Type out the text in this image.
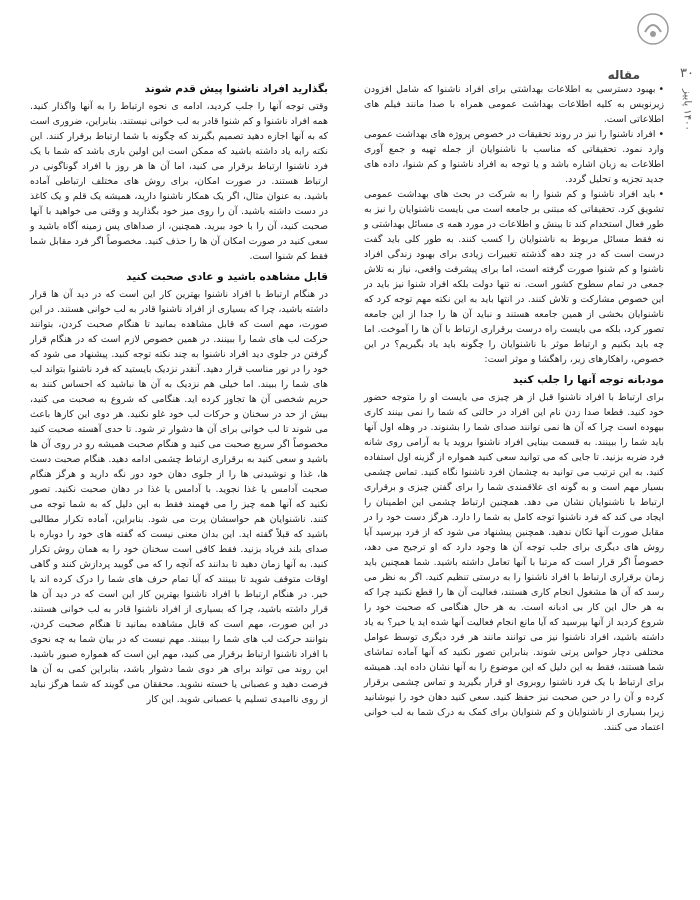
۳۰
۱۴۰۰ پاییز
مقاله

• بهبود دسترسی به اطلاعات بهداشتی برای افراد ناشنوا که شامل افزودن زیرنویس به کلیه اطلاعات بهداشت عمومی همراه با صدا مانند فیلم های اطلاعاتی است.

• افراد ناشنوا را نیز در روند تحقیقات در خصوص پروژه های بهداشت عمومی وارد نمود. تحقیقاتی که مناسب با ناشنوایان از جمله تهیه و جمع آوری اطلاعات به زبان اشاره باشد و یا توجه به افراد ناشنوا و کم شنوا، داده های جدید تجزیه و تحلیل گردد.

• باید افراد ناشنوا و کم شنوا را به شرکت در بحث های بهداشت عمومی تشویق کرد. تحقیقاتی که مبتنی بر جامعه است می بایست ناشنوایان را نیز به طور فعال استخدام کند تا بینش و اطلاعات در مورد همه ی مسائل بهداشتی و نه فقط مسائل مربوط به ناشنوایان را کسب کنند. به طور کلی باید گفت درست است که در چند دهه گذشته تغییرات زیادی برای بهبود زندگی افراد ناشنوا و کم شنوا صورت گرفته است، اما برای پیشرفت واقعی، نیاز به تلاش جمعی در تمام سطوح کشور است. نه تنها دولت بلکه افراد شنوا نیز باید در این خصوص مشارکت و تلاش کنند. در انتها باید به این نکته مهم توجه کرد که ناشنوایان بخشی از همین جامعه هستند و نباید آن ها را جدا از این جامعه تصور کرد، بلکه می بایست راه درست برقراری ارتباط با آن ها را آموخت. اما چه باید بکنیم و ارتباط موثر با ناشنوایان را چگونه باید یاد بگیریم؟ در این خصوص، راهکارهای زیر، راهگشا و موثر است:

مودبانه توجه آنها را جلب کنید

برای ارتباط با افراد ناشنوا قبل از هر چیزی می بایست او را متوجه حضور خود کنید. قطعا صدا زدن نام این افراد در حالتی که شما را نمی بینند کاری بیهوده است چرا که آن ها نمی توانند صدای شما را بشنوند. در وهله اول آنها باید شما را ببینند. به قسمت بینایی افراد ناشنوا بروید یا به آرامی روی شانه فرد ضربه بزنید. تا جایی که می توانید سعی کنید همواره از گزینه اول استفاده کنید. به این ترتیب می توانید به چشمان افرد ناشنوا نگاه کنید. تماس چشمی بسیار مهم است و به گونه ای علاقمندی شما را برای گفتن چیزی و برقراری ارتباط با ناشنوایان نشان می دهد. همچنین ارتباط چشمی این اطمینان را ایجاد می کند که فرد ناشنوا توجه کامل به شما را دارد. هرگز دست خود را در مقابل صورت آنها تکان ندهید. همچنین پیشنهاد می شود که از فرد بپرسید آیا روش های دیگری برای جلب توجه آن ها وجود دارد که او ترجیح می دهد، خصوصاً اگر قرار است که مرتبا با آنها تعامل داشته باشید. شما همچنین باید زمان برقراری ارتباط با افراد ناشنوا را به درستی تنظیم کنید. اگر به نظر می رسد که آن ها مشغول انجام کاری هستند، فعالیت آن ها را قطع نکنید چرا که به هر حال این کار بی ادبانه است. به هر حال هنگامی که صحبت خود را شروع کردید از آنها بپرسید که آیا مانع انجام فعالیت آنها شده اید یا خیر؟ به یاد داشته باشید، افراد ناشنوا نیز می توانند مانند هر فرد دیگری توسط عوامل مختلفی دچار حواس پرتی شوند. بنابراین تصور نکنید که آنها آماده تماشای شما هستند، فقط به این دلیل که این موضوع را به آنها نشان داده اید. همیشه برای ارتباط با یک فرد ناشنوا روبروی او قرار بگیرید و تماس چشمی برقرار کرده و آن را در حین صحبت نیز حفظ کنید. سعی کنید دهان خود را نپوشانید زیرا بسیاری از ناشنوایان و کم شنوایان برای کمک به درک شما به لب خوانی اعتماد می کنند.

بگذارید افراد ناشنوا پیش قدم شوند

وقتی توجه آنها را جلب کردید، ادامه ی نحوه ارتباط را به آنها واگذار کنید. همه افراد ناشنوا و کم شنوا قادر به لب خوانی نیستند. بنابراین، ضروری است که به آنها اجازه دهید تصمیم بگیرند که چگونه با شما ارتباط برقرار کنند. این نکته رابه یاد داشته باشید که ممکن است این اولین باری باشد که شما با یک فرد ناشنوا ارتباط برقرار می کنید، اما آن ها هر روز با افراد گوناگونی در ارتباط هستند. در صورت امکان، برای روش های مختلف ارتباطی آماده باشید. به عنوان مثال، اگر یک همکار ناشنوا دارید، همیشه یک قلم و یک کاغذ در دست داشته باشید. آن را روی میز خود بگذارید و وقتی می خواهید با آنها صحبت کنید، آن را با خود ببرید. همچنین، از صداهای پس زمینه آگاه باشید و سعی کنید در صورت امکان آن ها را حذف کنید. مخصوصاً اگر فرد مقابل شما فقط کم شنوا است.

قابل مشاهده باشید و عادی صحبت کنید

در هنگام ارتباط با افراد ناشنوا بهترین کار این است که در دید آن ها قرار داشته باشید، چرا که بسیاری از افراد ناشنوا قادر به لب خوانی هستند. در این صورت، مهم است که قابل مشاهده بمانید تا هنگام صحبت کردن، بتوانند حرکت لب های شما را ببینند. در همین خصوص لازم است که در هنگام قرار گرفتن در جلوی دید افراد ناشنوا به چند نکته توجه کنید. پیشنهاد می شود که خود را در نور مناسب قرار دهید. آنقدر نزدیک بایستید که فرد ناشنوا بتواند لب های شما را ببیند. اما خیلی هم نزدیک به آن ها نباشید که احساس کنند به حریم شخصی آن ها تجاوز کرده اید. هنگامی که شروع به صحبت می کنید، بیش از حد در سخنان و حرکات لب خود غلو نکنید. هر دوی این کارها باعث می شوند تا لب خوانی برای آن ها دشوار تر شود. تا حدی آهسته صحبت کنید مخصوصاً اگر سریع صحبت می کنید و هنگام صحبت همیشه رو در روی آن ها باشید و سعی کنید به برقراری ارتباط چشمی ادامه دهید. هنگام صحبت دست ها، غذا و نوشیدنی ها را از جلوی دهان خود دور نگه دارید و هرگز هنگام صحبت آدامس یا غذا نجوید. با آدامس یا غذا در دهان صحبت نکنید. تصور نکنید که آنها همه چیز را می فهمند فقط به این دلیل که به شما توجه می کنند. ناشنوایان هم حواسشان پرت می شود. بنابراین، آماده تکرار مطالبی باشید که قبلاً گفته اید. این بدان معنی نیست که گفته های خود را دوباره با صدای بلند فریاد بزنید. فقط کافی است سخنان خود را به همان روش تکرار کنید. به آنها زمان دهید تا بدانند که آنچه را که می گویید پردازش کنند و گاهی اوقات متوقف شوید تا ببینند که آیا تمام حرف های شما را درک کرده اند یا خیر. در هنگام ارتباط با افراد ناشنوا بهترین کار این است که در دید آن ها قرار داشته باشید، چرا که بسیاری از افراد ناشنوا قادر به لب خوانی هستند. در این صورت، مهم است که قابل مشاهده بمانید تا هنگام صحبت کردن، بتوانند حرکت لب های شما را ببینند. مهم نیست که در بیان شما به چه نحوی با افراد ناشنوا ارتباط برقرار می کنید، مهم این است که همواره صبور باشید. این روند می تواند برای هر دوی شما دشوار باشد، بنابراین کمی به آن ها فرصت دهید و عصبانی یا خسته نشوید. محققان می گویند که شما هرگز نباید از روی ناامیدی تسلیم یا عصبانی شوید. این کار
